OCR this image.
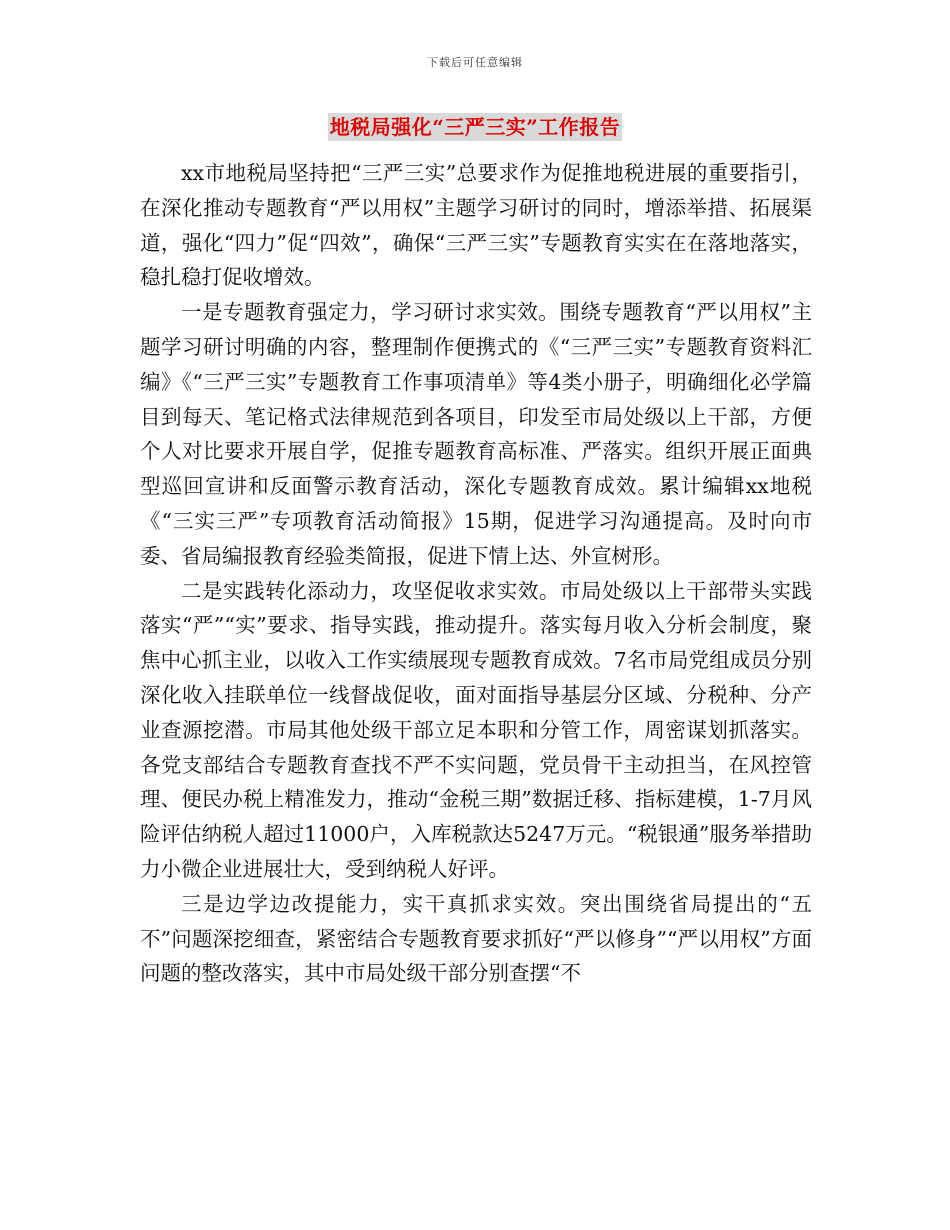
下载后可任意编辑
地税局强化“三严三实”工作报告

xx市地税局坚持把“三严三实”总要求作为促推地税进展的重要指引，在深化推动专题教育“严以用权”主题学习研讨的同时，增添举措、拓展渠道，强化“四力”促“四效”，确保“三严三实”专题教育实实在在落地落实，稳扎稳打促收增效。

一是专题教育强定力，学习研讨求实效。围绕专题教育“严以用权”主题学习研讨明确的内容，整理制作便携式的《“三严三实”专题教育资料汇编》《“三严三实”专题教育工作事项清单》等4类小册子，明确细化必学篇目到每天、笔记格式法律规范到各项目，印发至市局处级以上干部，方便个人对比要求开展自学，促推专题教育高标准、严落实。组织开展正面典型巡回宣讲和反面警示教育活动，深化专题教育成效。累计编辑xx地税《“三实三严”专项教育活动简报》15期，促进学习沟通提高。及时向市委、省局编报教育经验类简报，促进下情上达、外宣树形。

二是实践转化添动力，攻坚促收求实效。市局处级以上干部带头实践落实“严”“实”要求、指导实践，推动提升。落实每月收入分析会制度，聚焦中心抓主业，以收入工作实绩展现专题教育成效。7名市局党组成员分别深化收入挂联单位一线督战促收，面对面指导基层分区域、分税种、分产业查源挖潜。市局其他处级干部立足本职和分管工作，周密谋划抓落实。各党支部结合专题教育查找不严不实问题，党员骨干主动担当，在风控管理、便民办税上精准发力，推动“金税三期”数据迁移、指标建模，1-7月风险评估纳税人超过11000户，入库税款达5247万元。“税银通”服务举措助力小微企业进展壮大，受到纳税人好评。

三是边学边改提能力，实干真抓求实效。突出围绕省局提出的“五不”问题深挖细查，紧密结合专题教育要求抓好“严以修身”“严以用权”方面问题的整改落实，其中市局处级干部分别查摆“不
